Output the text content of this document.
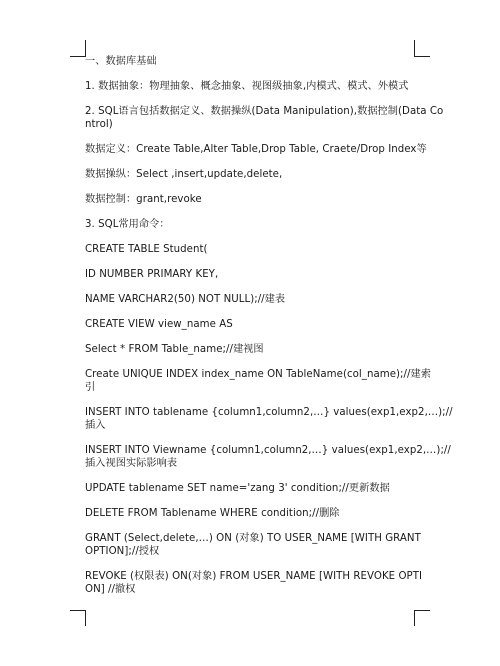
一、数据库基础
1. 数据抽象：物理抽象、概念抽象、视图级抽象,内模式、模式、外模式
2. SQL语言包括数据定义、数据操纵(Data Manipulation),数据控制(Data Co
ntrol)
数据定义：Create Table,Alter Table,Drop Table, Craete/Drop Index等
数据操纵：Select ,insert,update,delete,
数据控制：grant,revoke
3. SQL常用命令：
CREATE TABLE Student(
ID NUMBER PRIMARY KEY,
NAME VARCHAR2(50) NOT NULL);//建表
CREATE VIEW view_name AS
Select * FROM Table_name;//建视图
Create UNIQUE INDEX index_name ON TableName(col_name);//建索
引
INSERT INTO tablename {column1,column2,…} values(exp1,exp2,…);//
插入
INSERT INTO Viewname {column1,column2,…} values(exp1,exp2,…);//
插入视图实际影响表
UPDATE tablename SET name='zang 3' condition;//更新数据
DELETE FROM Tablename WHERE condition;//删除
GRANT (Select,delete,…) ON (对象) TO USER_NAME [WITH GRANT
OPTION];//授权
REVOKE (权限表) ON(对象) FROM USER_NAME [WITH REVOKE OPTI
ON] //撤权
